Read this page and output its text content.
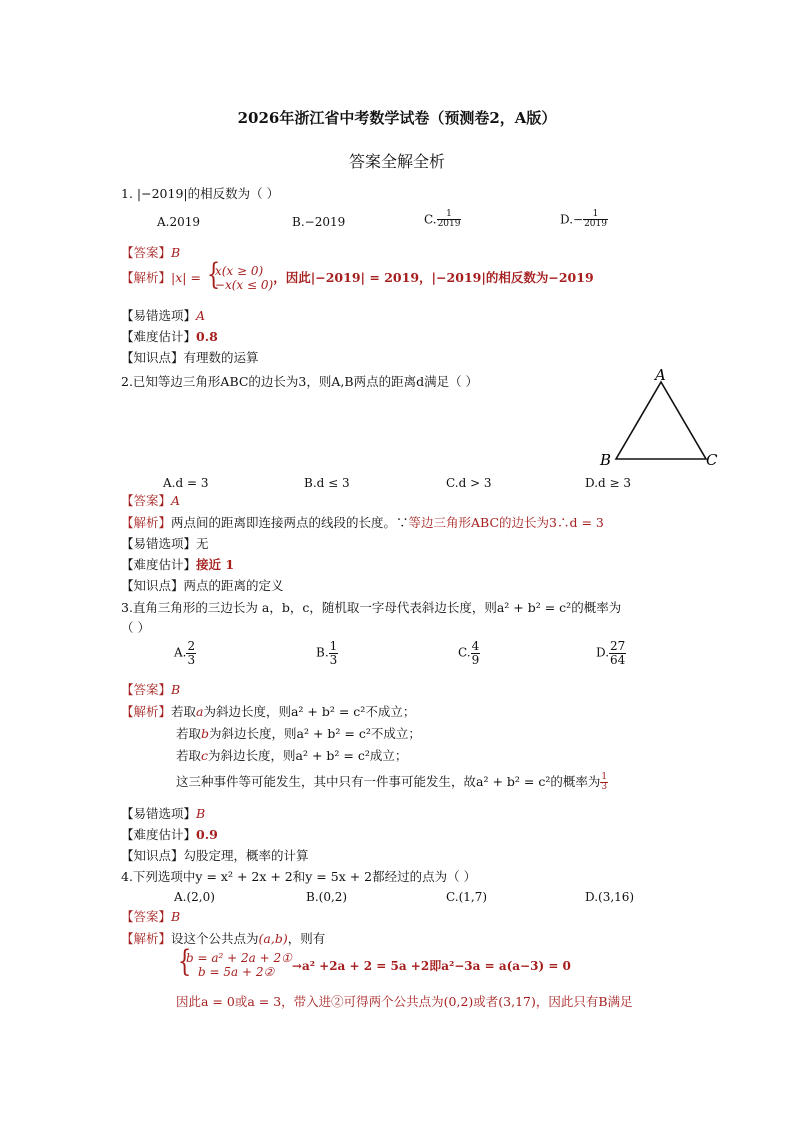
2026年浙江省中考数学试卷（预测卷2，A版）
答案全解全析
1. |−2019|的相反数为（ ）
A.2019	B.−2019	C. $\frac{1}{2019}$	$D.- \frac{1}{2019}$
【答案】B
【解析】|x| =
{ x(x ≥ 0)
−x(x ≤ 0)
，因此|−2019| = 2019，|−2019|的相反数为−2019
【易错选项】A
【难度估计】0.8
【知识点】有理数的运算
2.已知等边三角形ABC的边长为3，则A,B两点的距离d满足（ ）	A
B	C
A.d = 3	B.d ≤ 3	C.d > 3	D.d ≥ 3
【答案】A
【解析】两点间的距离即连接两点的线段的长度。∵等边三角形ABC的边长为3∴d = 3
【易错选项】无
【难度估计】接近 1
【知识点】两点的距离的定义
3.直角三角形的三边长为 a，b，c，随机取一字母代表斜边长度，则a² + b² = c²的概率为
（ ）
A. $\frac{2}{3}$	B. $\frac{1}{3}$	C. $\frac{4}{9}$	D. $\frac{27}{64}$
【答案】B
【解析】若取a为斜边长度，则a² + b² = c²不成立；
若取b为斜边长度，则a² + b² = c²不成立；
若取c为斜边长度，则a² + b² = c²成立；
这三种事件等可能发生，其中只有一件事可能发生，故a² + b² = c²的概率为 $\frac{1}{3}$
【易错选项】B
【难度估计】0.9
【知识点】勾股定理，概率的计算
4.下列选项中y = x² + 2x + 2和y = 5x + 2都经过的点为（ ）
A.(2,0)	B.(0,2)	C.(1,7)	D.(3,16)
【答案】B
【解析】设这个公共点为(a,b)，则有
{ b = a² + 2a + 2①
b = 5a + 2②	→a² +2a + 2 = 5a +2即a²−3a = a(a−3) = 0
因此a = 0或a = 3，带入进②可得两个公共点为(0,2)或者(3,17)，因此只有B满足
